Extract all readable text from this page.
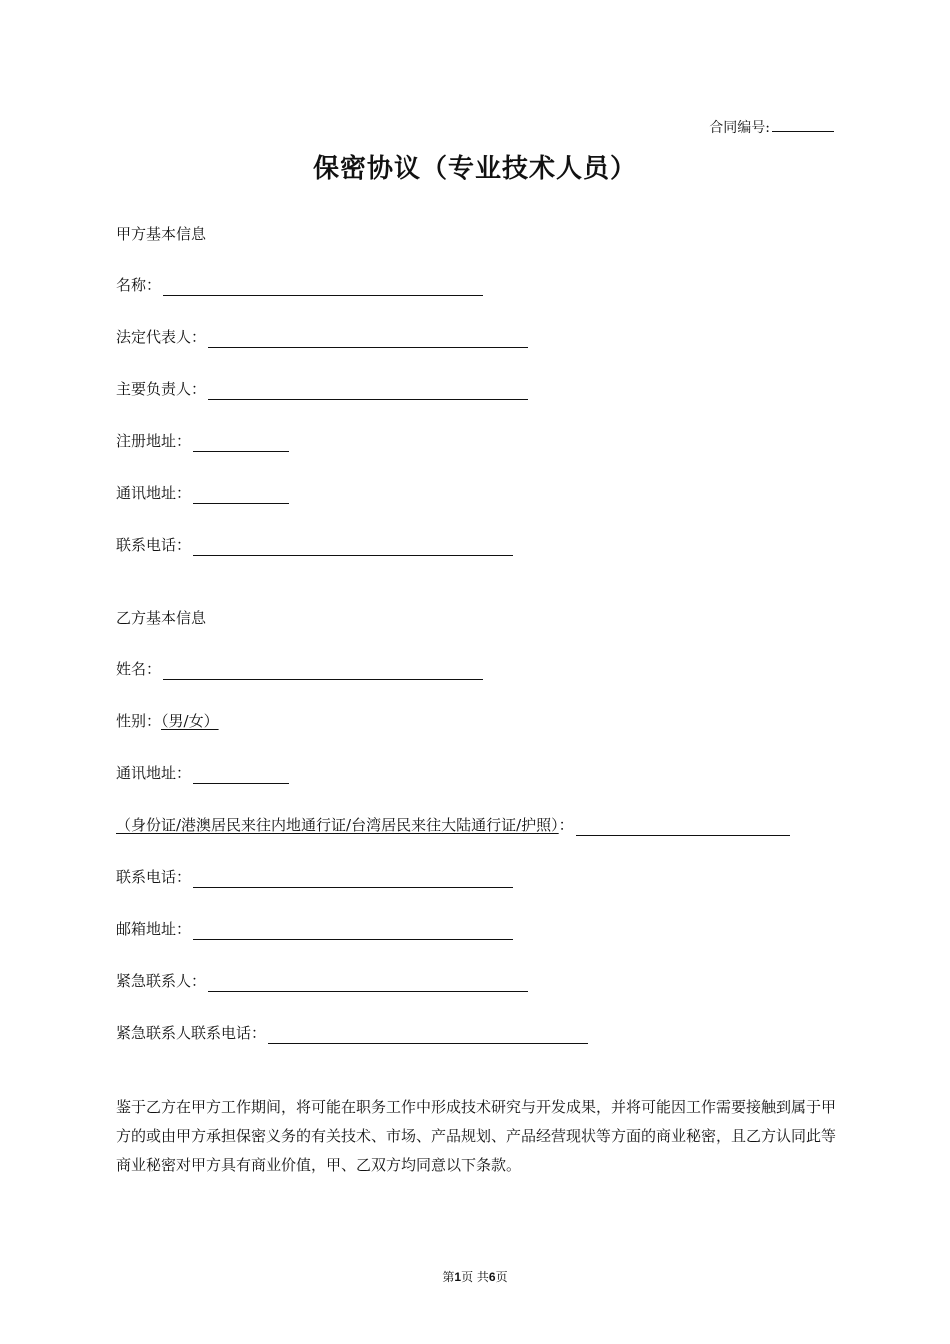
合同编号:
保密协议（专业技术人员）
甲方基本信息
名称：
法定代表人：
主要负责人：
注册地址：
通讯地址：
联系电话：
乙方基本信息
姓名：
性别：（男/女）
通讯地址：
（身份证/港澳居民来往内地通行证/台湾居民来往大陆通行证/护照）：
联系电话：
邮箱地址：
紧急联系人：
紧急联系人联系电话：
鉴于乙方在甲方工作期间，将可能在职务工作中形成技术研究与开发成果，并将可能因工作需要接触到属于甲方的或由甲方承担保密义务的有关技术、市场、产品规划、产品经营现状等方面的商业秘密，且乙方认同此等商业秘密对甲方具有商业价值，甲、乙双方均同意以下条款。
第1页 共6页
